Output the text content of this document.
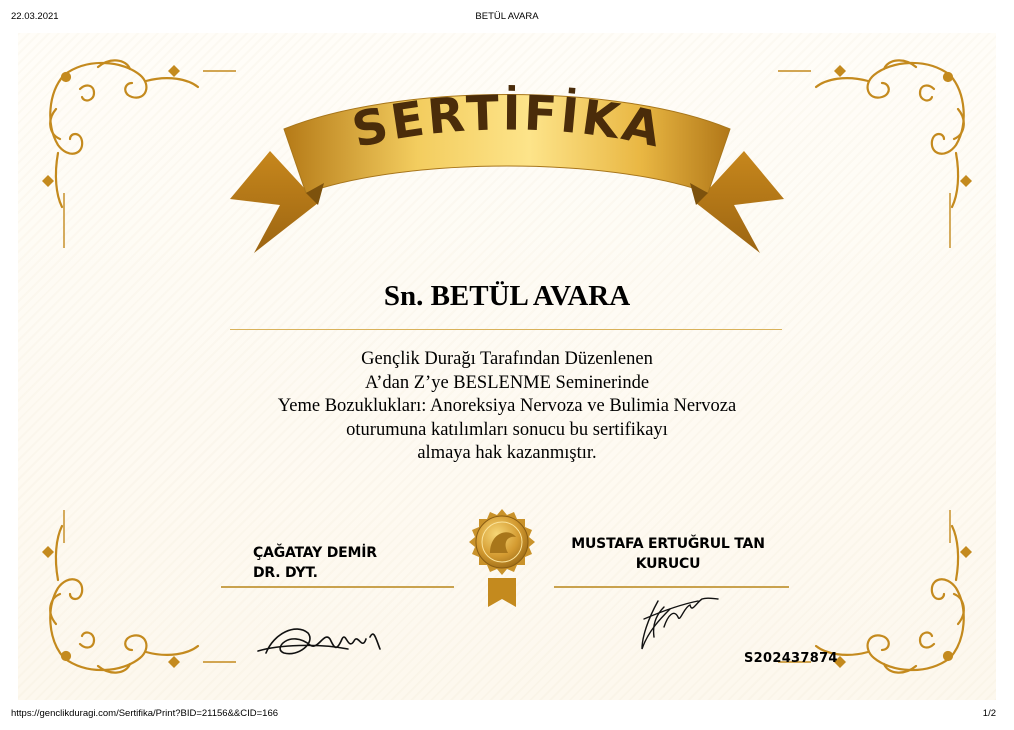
22.03.2021	BETÜL AVARA
SERTİFİKA
Sn. BETÜL AVARA
Gençlik Durağı Tarafından Düzenlenen
A’dan Z’ye BESLENME Seminerinde
Yeme Bozuklukları: Anoreksiya Nervoza ve Bulimia Nervoza
oturumuna katılımları sonucu bu sertifikayı
almaya hak kazanmıştır.
ÇAĞATAY DEMİR
DR. DYT.
MUSTAFA ERTUĞRUL TAN
KURUCU
S202437874
https://genclikduragi.com/Sertifika/Print?BID=21156&&CID=166	1/2
